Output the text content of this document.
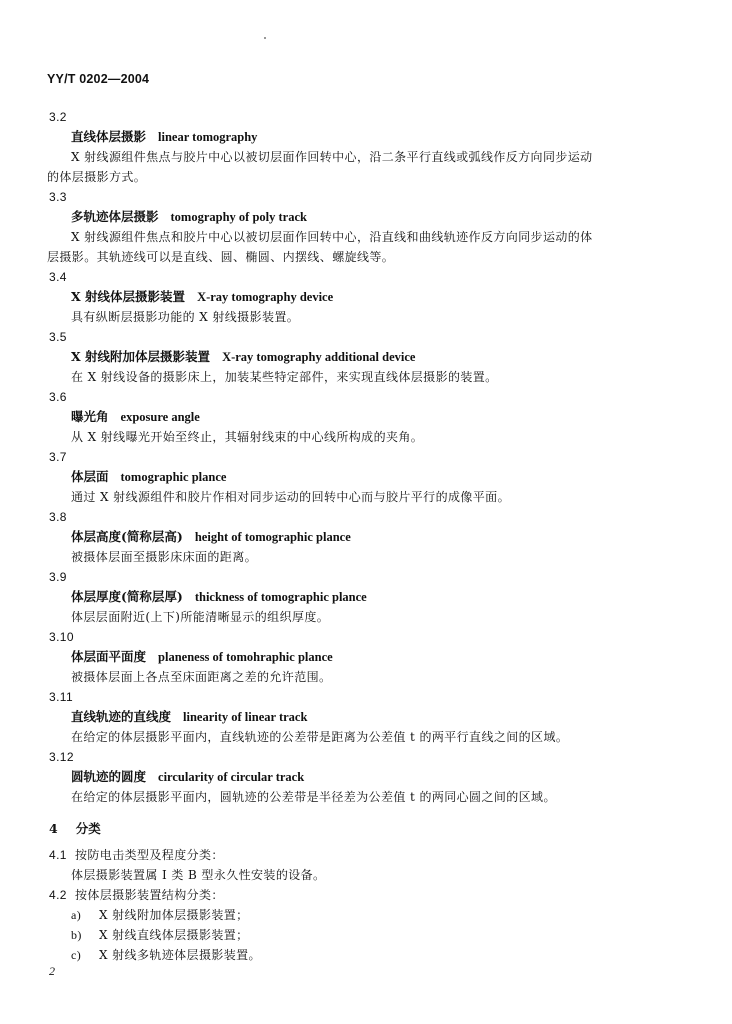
YY/T 0202—2004
3.2
直线体层摄影 linear tomography
X 射线源组件焦点与胶片中心以被切层面作回转中心，沿二条平行直线或弧线作反方向同步运动
的体层摄影方式。
3.3
多轨迹体层摄影 tomography of poly track
X 射线源组件焦点和胶片中心以被切层面作回转中心，沿直线和曲线轨迹作反方向同步运动的体
层摄影。其轨迹线可以是直线、圆、椭圆、内摆线、螺旋线等。
3.4
X 射线体层摄影装置 X-ray tomography device
具有纵断层摄影功能的 X 射线摄影装置。
3.5
X 射线附加体层摄影装置 X-ray tomography additional device
在 X 射线设备的摄影床上，加装某些特定部件，来实现直线体层摄影的装置。
3.6
曝光角 exposure angle
从 X 射线曝光开始至终止，其辐射线束的中心线所构成的夹角。
3.7
体层面 tomographic plance
通过 X 射线源组件和胶片作相对同步运动的回转中心而与胶片平行的成像平面。
3.8
体层高度(简称层高) height of tomographic plance
被摄体层面至摄影床床面的距离。
3.9
体层厚度(简称层厚) thickness of tomographic plance
体层层面附近(上下)所能清晰显示的组织厚度。
3.10
体层面平面度 planeness of tomohraphic plance
被摄体层面上各点至床面距离之差的允许范围。
3.11
直线轨迹的直线度 linearity of linear track
在给定的体层摄影平面内，直线轨迹的公差带是距离为公差值 t 的两平行直线之间的区域。
3.12
圆轨迹的圆度 circularity of circular track
在给定的体层摄影平面内，圆轨迹的公差带是半径差为公差值 t 的两同心圆之间的区域。
4 分类
4.1 按防电击类型及程度分类：
体层摄影装置属 Ⅰ 类 B 型永久性安装的设备。
4.2 按体层摄影装置结构分类：
a) X 射线附加体层摄影装置；
b) X 射线直线体层摄影装置；
c) X 射线多轨迹体层摄影装置。
2
